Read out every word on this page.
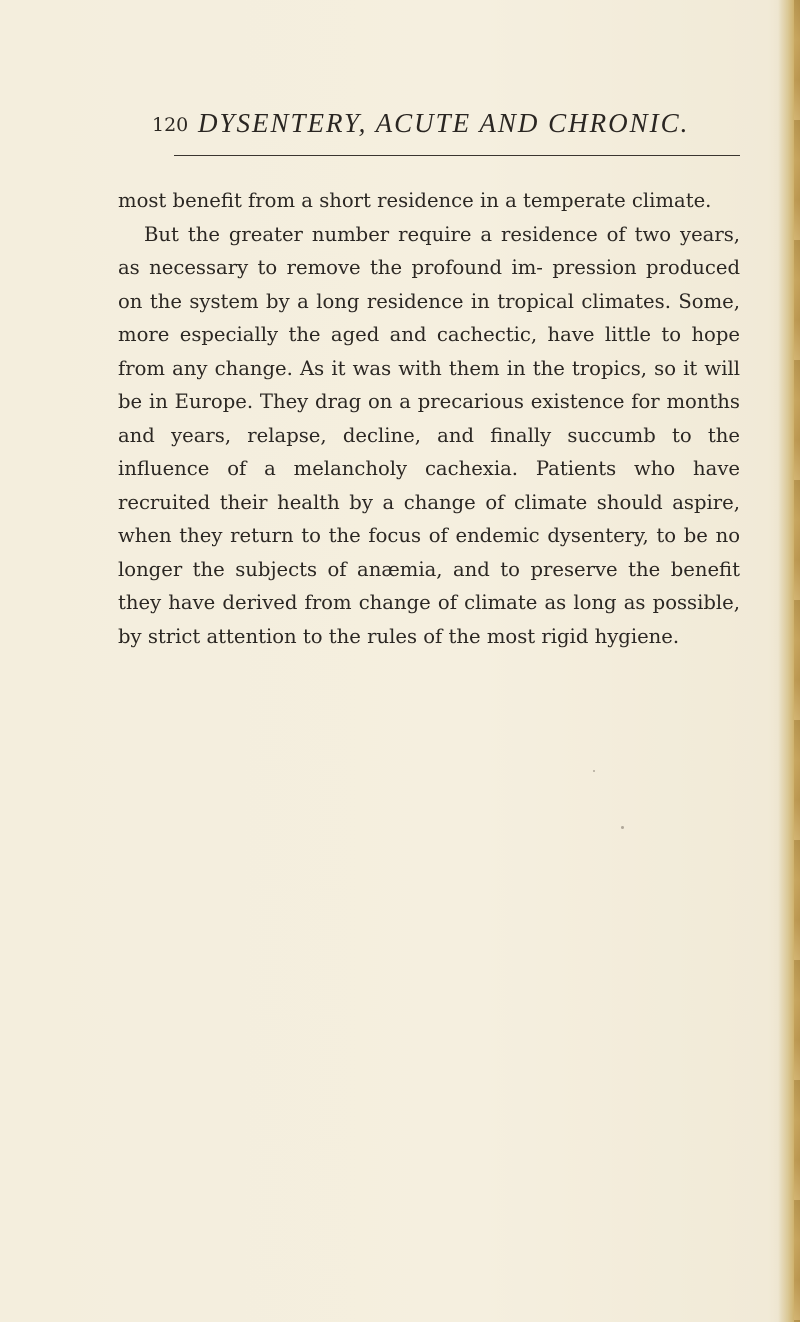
120 DYSENTERY, ACUTE AND CHRONIC.

most benefit from a short residence in a temperate climate.

But the greater number require a residence of two years, as necessary to remove the profound im- pression produced on the system by a long residence in tropical climates. Some, more especially the aged and cachectic, have little to hope from any change. As it was with them in the tropics, so it will be in Europe. They drag on a precarious existence for months and years, relapse, decline, and finally succumb to the influence of a melancholy cachexia. Patients who have recruited their health by a change of climate should aspire, when they return to the focus of endemic dysentery, to be no longer the subjects of anæmia, and to preserve the benefit they have derived from change of climate as long as possible, by strict attention to the rules of the most rigid hygiene.
